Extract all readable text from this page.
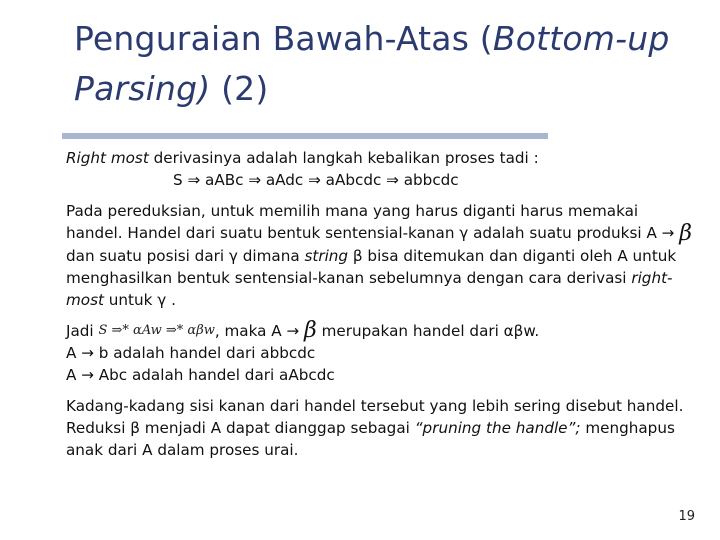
Penguraian Bawah-Atas (Bottom-up Parsing) (2)

Right most derivasinya adalah langkah kebalikan proses tadi :

S ⇒ aABc ⇒ aAdc ⇒ aAbcdc ⇒ abbcdc

Pada pereduksian, untuk memilih mana yang harus diganti harus memakai handel. Handel dari suatu bentuk sentensial-kanan γ adalah suatu produksi A → β dan suatu posisi dari γ dimana string β bisa ditemukan dan diganti oleh A untuk menghasilkan bentuk sentensial-kanan sebelumnya dengan cara derivasi right-most untuk γ .

Jadi S ⇒* αAw ⇒* αβw, maka A → β merupakan handel dari αβw.

A → b adalah handel dari abbcdc

A → Abc adalah handel dari aAbcdc

Kadang-kadang sisi kanan dari handel tersebut yang lebih sering disebut handel. Reduksi β menjadi A dapat dianggap sebagai “pruning the handle”; menghapus anak dari A dalam proses urai.

19
